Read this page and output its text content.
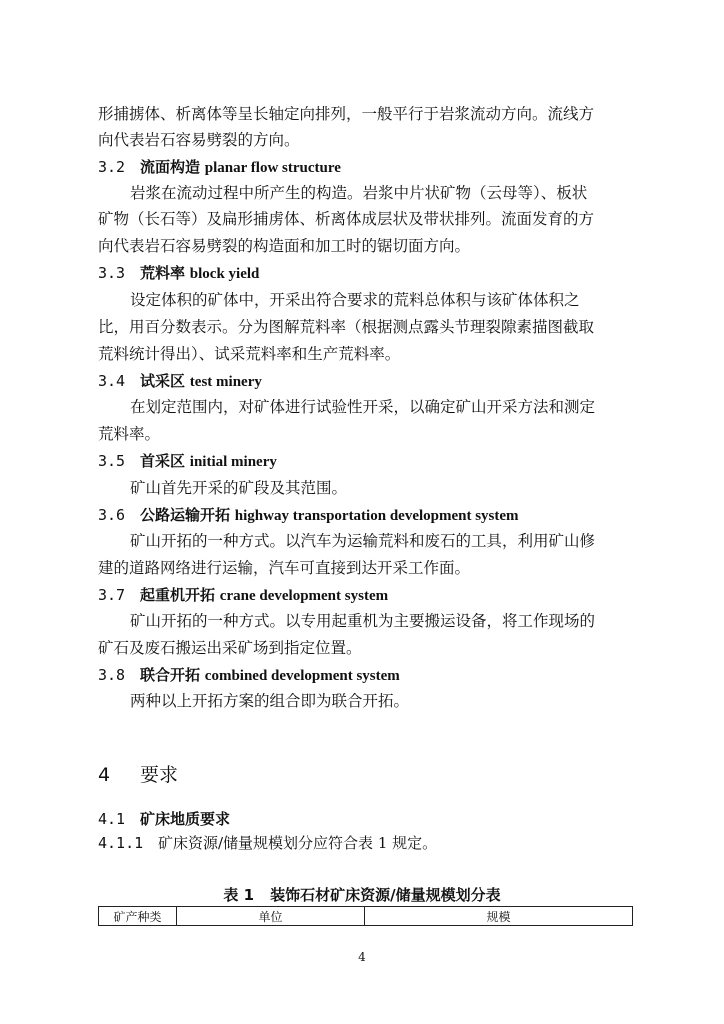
形捕掳体、析离体等呈长轴定向排列，一般平行于岩浆流动方向。流线方
向代表岩石容易劈裂的方向。
3.2 流面构造 planar flow structure
岩浆在流动过程中所产生的构造。岩浆中片状矿物（云母等）、板状
矿物（长石等）及扁形捕虏体、析离体成层状及带状排列。流面发育的方
向代表岩石容易劈裂的构造面和加工时的锯切面方向。
3.3 荒料率 block yield
设定体积的矿体中，开采出符合要求的荒料总体积与该矿体体积之
比，用百分数表示。分为图解荒料率（根据测点露头节理裂隙素描图截取
荒料统计得出）、试采荒料率和生产荒料率。
3.4 试采区 test minery
在划定范围内，对矿体进行试验性开采，以确定矿山开采方法和测定
荒料率。
3.5 首采区 initial minery
矿山首先开采的矿段及其范围。
3.6 公路运输开拓 highway transportation development system
矿山开拓的一种方式。以汽车为运输荒料和废石的工具，利用矿山修
建的道路网络进行运输，汽车可直接到达开采工作面。
3.7 起重机开拓 crane development system
矿山开拓的一种方式。以专用起重机为主要搬运设备，将工作现场的
矿石及废石搬运出采矿场到指定位置。
3.8 联合开拓 combined development system
两种以上开拓方案的组合即为联合开拓。
4 要求
4.1 矿床地质要求
4.1.1 矿床资源/储量规模划分应符合表 1 规定。
表 1 装饰石材矿床资源/储量规模划分表
矿产种类	单位	规模
4
